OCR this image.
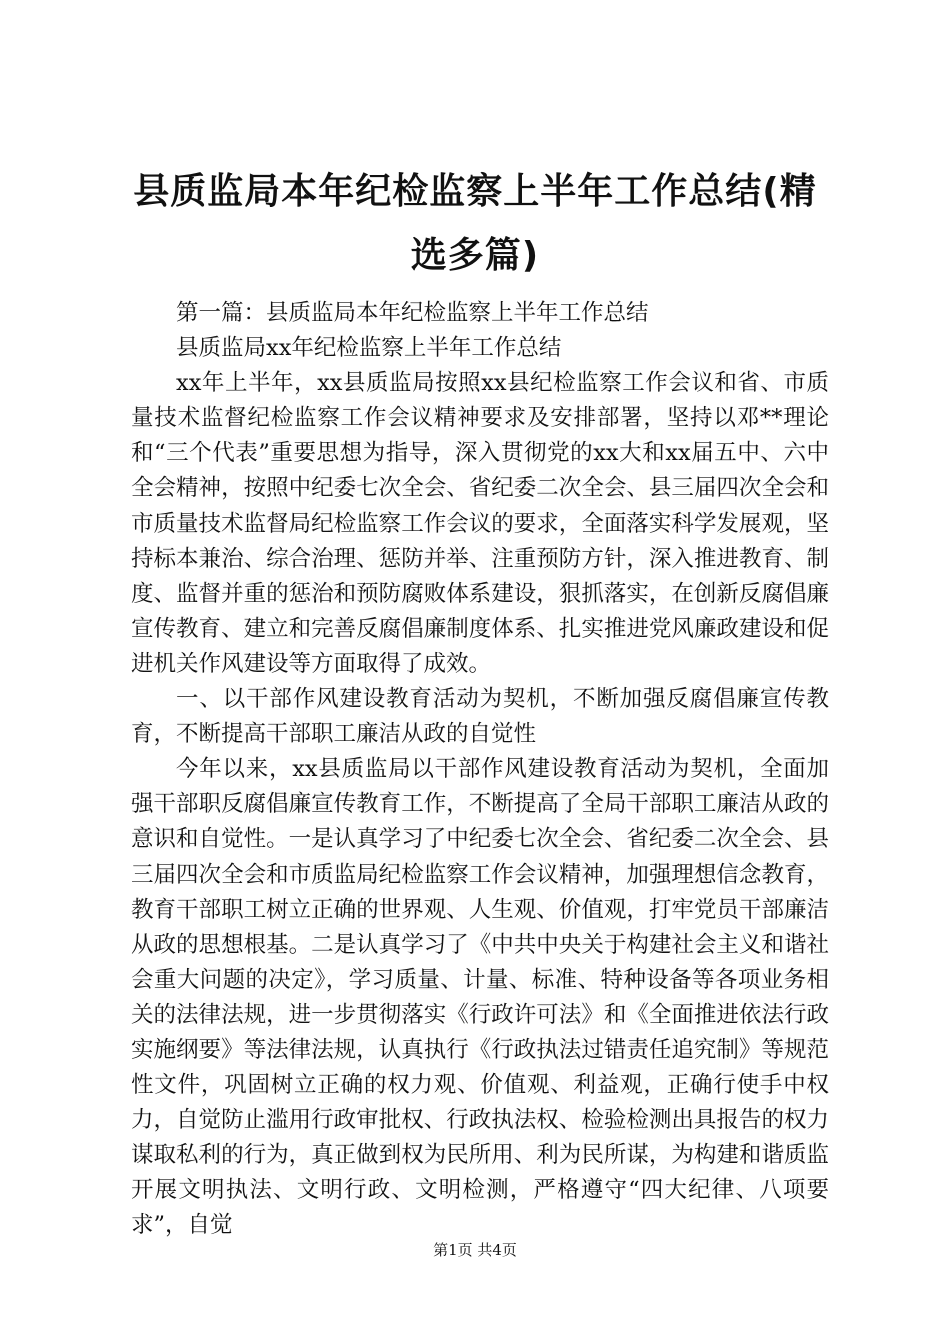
县质监局本年纪检监察上半年工作总结(精选多篇)

第一篇：县质监局本年纪检监察上半年工作总结

县质监局xx年纪检监察上半年工作总结

xx年上半年，xx县质监局按照xx县纪检监察工作会议和省、市质量技术监督纪检监察工作会议精神要求及安排部署，坚持以邓**理论和“三个代表”重要思想为指导，深入贯彻党的xx大和xx届五中、六中全会精神，按照中纪委七次全会、省纪委二次全会、县三届四次全会和市质量技术监督局纪检监察工作会议的要求，全面落实科学发展观，坚持标本兼治、综合治理、惩防并举、注重预防方针，深入推进教育、制度、监督并重的惩治和预防腐败体系建设，狠抓落实，在创新反腐倡廉宣传教育、建立和完善反腐倡廉制度体系、扎实推进党风廉政建设和促进机关作风建设等方面取得了成效。

一、以干部作风建设教育活动为契机，不断加强反腐倡廉宣传教育，不断提高干部职工廉洁从政的自觉性

今年以来，xx县质监局以干部作风建设教育活动为契机，全面加强干部职反腐倡廉宣传教育工作，不断提高了全局干部职工廉洁从政的意识和自觉性。一是认真学习了中纪委七次全会、省纪委二次全会、县三届四次全会和市质监局纪检监察工作会议精神，加强理想信念教育，教育干部职工树立正确的世界观、人生观、价值观，打牢党员干部廉洁从政的思想根基。二是认真学习了《中共中央关于构建社会主义和谐社会重大问题的决定》，学习质量、计量、标准、特种设备等各项业务相关的法律法规，进一步贯彻落实《行政许可法》和《全面推进依法行政实施纲要》等法律法规，认真执行《行政执法过错责任追究制》等规范性文件，巩固树立正确的权力观、价值观、利益观，正确行使手中权力，自觉防止滥用行政审批权、行政执法权、检验检测出具报告的权力谋取私利的行为，真正做到权为民所用、利为民所谋，为构建和谐质监开展文明执法、文明行政、文明检测，严格遵守“四大纪律、八项要求”，自觉

第1页 共4页
